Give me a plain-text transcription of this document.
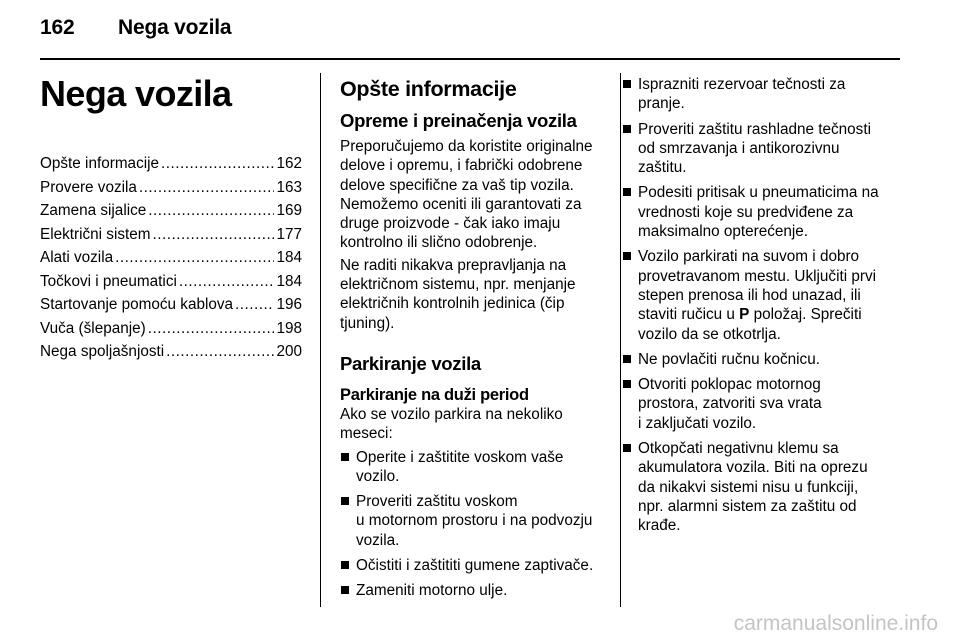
162 Nega vozila
Nega vozila
Opšte informacije .....	162
Provere vozila .....	163
Zamena sijalice .....	169
Električni sistem .....	177
Alati vozila .....	184
Točkovi i pneumatici .....	184
Startovanje pomoću kablova .....	196
Vuča (šlepanje) .....	198
Nega spoljašnjosti .....	200
Opšte informacije
Opreme i preinačenja vozila

Preporučujemo da koristite originalne
delove i opremu, i fabrički odobrene
delove specifične za vaš tip vozila.
Nemožemo oceniti ili garantovati za
druge proizvode - čak iako imaju
kontrolno ili slično odobrenje.

Ne raditi nikakva prepravljanja na
električnom sistemu, npr. menjanje
električnih kontrolnih jedinica (čip
tjuning).

Parkiranje vozila
Parkiranje na duži period

Ako se vozilo parkira na nekoliko
meseci:

Operite i zaštitite voskom vaše
vozilo.
Proveriti zaštitu voskom
u motornom prostoru i na podvozju
vozila.
Očistiti i zaštititi gumene zaptivače.
Zameniti motorno ulje.
Isprazniti rezervoar tečnosti za
pranje.
Proveriti zaštitu rashladne tečnosti
od smrzavanja i antikorozivnu
zaštitu.
Podesiti pritisak u pneumaticima na
vrednosti koje su predviđene za
maksimalno opterećenje.
Vozilo parkirati na suvom i dobro
provetravanom mestu. Uključiti prvi
stepen prenosa ili hod unazad, ili
staviti ručicu u P položaj. Sprečiti
vozilo da se otkotrlja.
Ne povlačiti ručnu kočnicu.
Otvoriti poklopac motornog
prostora, zatvoriti sva vrata
i zaključati vozilo.
Otkopčati negativnu klemu sa
akumulatora vozila. Biti na oprezu
da nikakvi sistemi nisu u funkciji,
npr. alarmni sistem za zaštitu od
krađe.
carmanualsonline.info
